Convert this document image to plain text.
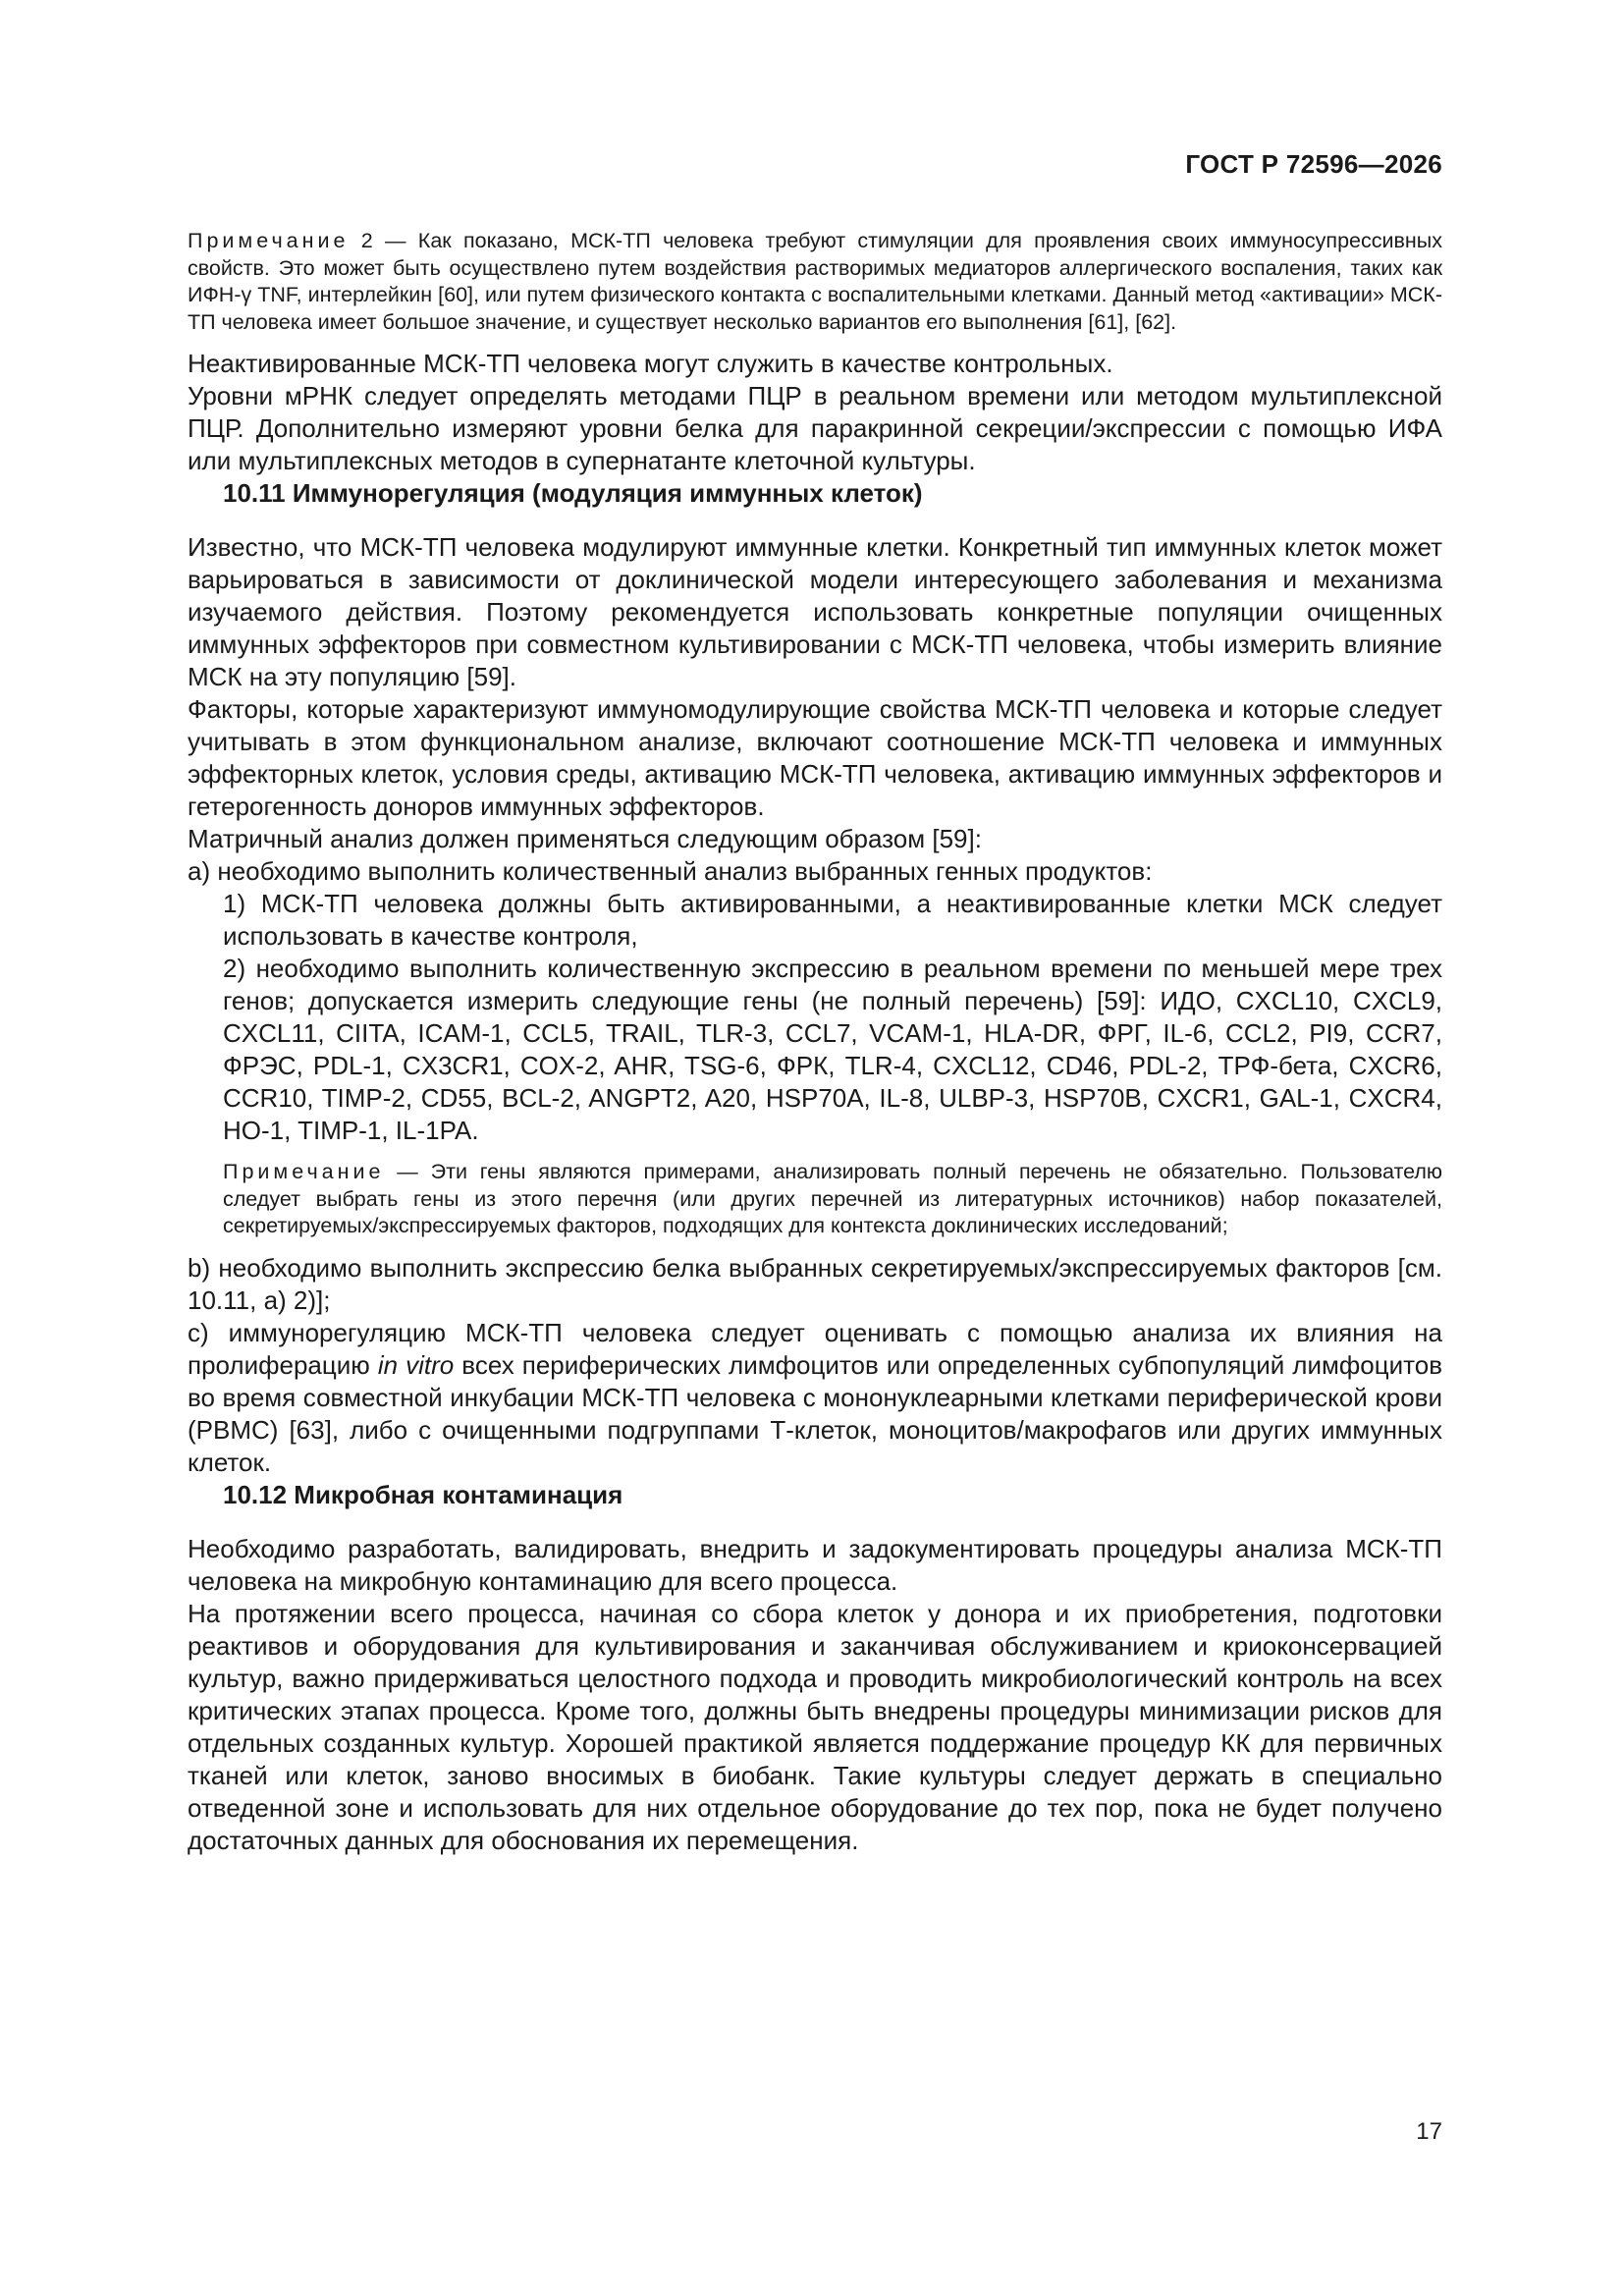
ГОСТ Р 72596—2026

Примечание 2 — Как показано, МСК-ТП человека требуют стимуляции для проявления своих иммуносупрессивных свойств. Это может быть осуществлено путем воздействия растворимых медиаторов аллергического воспаления, таких как ИФН-γ TNF, интерлейкин [60], или путем физического контакта с воспалительными клетками. Данный метод «активации» МСК-ТП человека имеет большое значение, и существует несколько вариантов его выполнения [61], [62].

Неактивированные МСК-ТП человека могут служить в качестве контрольных.

Уровни мРНК следует определять методами ПЦР в реальном времени или методом мультиплексной ПЦР. Дополнительно измеряют уровни белка для паракринной секреции/экспрессии с помощью ИФА или мультиплексных методов в супернатанте клеточной культуры.

10.11 Иммунорегуляция (модуляция иммунных клеток)

Известно, что МСК-ТП человека модулируют иммунные клетки. Конкретный тип иммунных клеток может варьироваться в зависимости от доклинической модели интересующего заболевания и механизма изучаемого действия. Поэтому рекомендуется использовать конкретные популяции очищенных иммунных эффекторов при совместном культивировании с МСК-ТП человека, чтобы измерить влияние МСК на эту популяцию [59].

Факторы, которые характеризуют иммуномодулирующие свойства МСК-ТП человека и которые следует учитывать в этом функциональном анализе, включают соотношение МСК-ТП человека и иммунных эффекторных клеток, условия среды, активацию МСК-ТП человека, активацию иммунных эффекторов и гетерогенность доноров иммунных эффекторов.

Матричный анализ должен применяться следующим образом [59]:

a) необходимо выполнить количественный анализ выбранных генных продуктов:

1) МСК-ТП человека должны быть активированными, а неактивированные клетки МСК следует использовать в качестве контроля,

2) необходимо выполнить количественную экспрессию в реальном времени по меньшей мере трех генов; допускается измерить следующие гены (не полный перечень) [59]: ИДО, CXCL10, CXCL9, CXCL11, CIITA, ICAM-1, CCL5, TRAIL, TLR-3, CCL7, VCAM-1, HLA-DR, ФРГ, IL-6, CCL2, PI9, CCR7, ФРЭС, PDL-1, CX3CR1, COX-2, AHR, TSG-6, ФРК, TLR-4, CXCL12, CD46, PDL-2, ТРФ-бета, CXCR6, CCR10, TIMP-2, CD55, BCL-2, ANGPT2, A20, HSP70A, IL-8, ULBP-3, HSP70B, CXCR1, GAL-1, CXCR4, HO-1, TIMP-1, IL-1PA.

Примечание — Эти гены являются примерами, анализировать полный перечень не обязательно. Пользователю следует выбрать гены из этого перечня (или других перечней из литературных источников) набор показателей, секретируемых/экспрессируемых факторов, подходящих для контекста доклинических исследований;

b) необходимо выполнить экспрессию белка выбранных секретируемых/экспрессируемых факторов [см. 10.11, a) 2)];

c) иммунорегуляцию МСК-ТП человека следует оценивать с помощью анализа их влияния на пролиферацию in vitro всех периферических лимфоцитов или определенных субпопуляций лимфоцитов во время совместной инкубации МСК-ТП человека с мононуклеарными клетками периферической крови (PBMC) [63], либо с очищенными подгруппами Т-клеток, моноцитов/макрофагов или других иммунных клеток.

10.12 Микробная контаминация

Необходимо разработать, валидировать, внедрить и задокументировать процедуры анализа МСК-ТП человека на микробную контаминацию для всего процесса.

На протяжении всего процесса, начиная со сбора клеток у донора и их приобретения, подготовки реактивов и оборудования для культивирования и заканчивая обслуживанием и криоконсервацией культур, важно придерживаться целостного подхода и проводить микробиологический контроль на всех критических этапах процесса. Кроме того, должны быть внедрены процедуры минимизации рисков для отдельных созданных культур. Хорошей практикой является поддержание процедур КК для первичных тканей или клеток, заново вносимых в биобанк. Такие культуры следует держать в специально отведенной зоне и использовать для них отдельное оборудование до тех пор, пока не будет получено достаточных данных для обоснования их перемещения.

17
